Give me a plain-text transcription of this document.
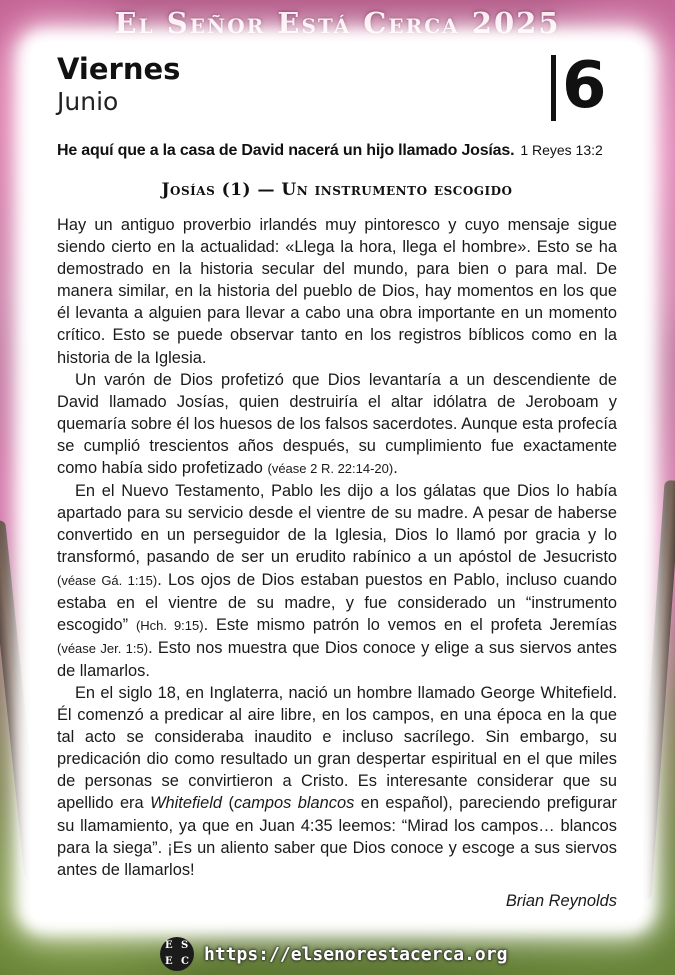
El Señor Está Cerca 2025
Viernes
Junio	6
He aquí que a la casa de David nacerá un hijo llamado Josías. 1 Reyes 13:2
Josías (1) — Un instrumento escogido

Hay un antiguo proverbio irlandés muy pintoresco y cuyo mensaje sigue siendo cierto en la actualidad: «Llega la hora, llega el hombre». Esto se ha demostrado en la historia secular del mundo, para bien o para mal. De manera similar, en la historia del pueblo de Dios, hay momentos en los que él levanta a alguien para llevar a cabo una obra importante en un momento crítico. Esto se puede observar tanto en los registros bíblicos como en la historia de la Iglesia.

Un varón de Dios profetizó que Dios levantaría a un descendiente de David llamado Josías, quien destruiría el altar idólatra de Jeroboam y quemaría sobre él los huesos de los falsos sacerdotes. Aunque esta profecía se cumplió trescientos años después, su cumplimiento fue exactamente como había sido profetizado (véase 2 R. 22:14-20).

En el Nuevo Testamento, Pablo les dijo a los gálatas que Dios lo había apartado para su servicio desde el vientre de su madre. A pesar de haberse convertido en un perseguidor de la Iglesia, Dios lo llamó por gracia y lo transformó, pasando de ser un erudito rabínico a un apóstol de Jesucristo (véase Gá. 1:15). Los ojos de Dios estaban puestos en Pablo, incluso cuando estaba en el vientre de su madre, y fue considerado un “instrumento escogido” (Hch. 9:15). Este mismo patrón lo vemos en el profeta Jeremías (véase Jer. 1:5). Esto nos muestra que Dios conoce y elige a sus siervos antes de llamarlos.

En el siglo 18, en Inglaterra, nació un hombre llamado George Whitefield. Él comenzó a predicar al aire libre, en los campos, en una época en la que tal acto se consideraba inaudito e incluso sacrílego. Sin embargo, su predicación dio como resultado un gran despertar espiritual en el que miles de personas se convirtieron a Cristo. Es interesante considerar que su apellido era Whitefield (campos blancos en español), pareciendo prefigurar su llamamiento, ya que en Juan 4:35 leemos: “Mirad los campos… blancos para la siega”. ¡Es un aliento saber que Dios conoce y escoge a sus siervos antes de llamarlos!

Brian Reynolds
E S
E C https://elsenorestacerca.org
